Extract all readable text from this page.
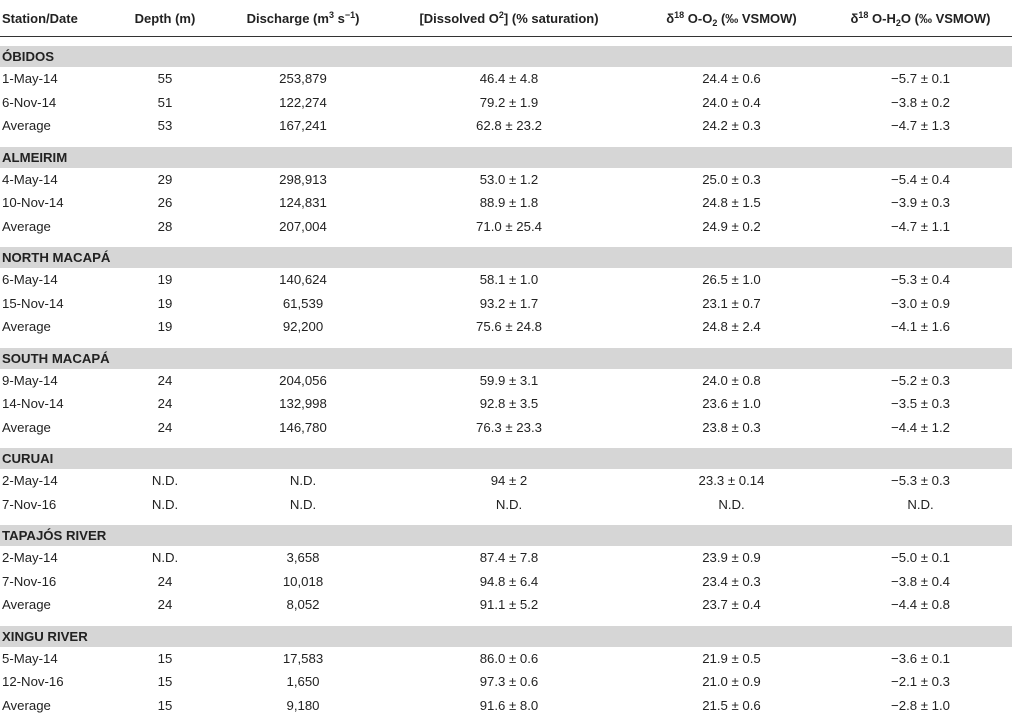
Station/Date	Depth (m)	Discharge ($m^3$ $s^{-1}$)	[Dissolved $O^2$] (% saturation)	$\delta^{18}$ $O-O_2$ (‰ VSMOW)	$\delta^{18}$ $O-H_2O$ (‰ VSMOW)

ÓBIDOS					
1-May-14	55	253,879	46.4 ± 4.8	24.4 ± 0.6	−5.7 ± 0.1
6-Nov-14	51	122,274	79.2 ± 1.9	24.0 ± 0.4	−3.8 ± 0.2
Average	53	167,241	62.8 ± 23.2	24.2 ± 0.3	−4.7 ± 1.3

ALMEIRIM					
4-May-14	29	298,913	53.0 ± 1.2	25.0 ± 0.3	−5.4 ± 0.4
10-Nov-14	26	124,831	88.9 ± 1.8	24.8 ± 1.5	−3.9 ± 0.3
Average	28	207,004	71.0 ± 25.4	24.9 ± 0.2	−4.7 ± 1.1

NORTH MACAPÁ					
6-May-14	19	140,624	58.1 ± 1.0	26.5 ± 1.0	−5.3 ± 0.4
15-Nov-14	19	61,539	93.2 ± 1.7	23.1 ± 0.7	−3.0 ± 0.9
Average	19	92,200	75.6 ± 24.8	24.8 ± 2.4	−4.1 ± 1.6

SOUTH MACAPÁ					
9-May-14	24	204,056	59.9 ± 3.1	24.0 ± 0.8	−5.2 ± 0.3
14-Nov-14	24	132,998	92.8 ± 3.5	23.6 ± 1.0	−3.5 ± 0.3
Average	24	146,780	76.3 ± 23.3	23.8 ± 0.3	−4.4 ± 1.2

CURUAI					
2-May-14	N.D.	N.D.	94 ± 2	23.3 ± 0.14	−5.3 ± 0.3
7-Nov-16	N.D.	N.D.	N.D.	N.D.	N.D.

TAPAJÓS RIVER					
2-May-14	N.D.	3,658	87.4 ± 7.8	23.9 ± 0.9	−5.0 ± 0.1
7-Nov-16	24	10,018	94.8 ± 6.4	23.4 ± 0.3	−3.8 ± 0.4
Average	24	8,052	91.1 ± 5.2	23.7 ± 0.4	−4.4 ± 0.8

XINGU RIVER					
5-May-14	15	17,583	86.0 ± 0.6	21.9 ± 0.5	−3.6 ± 0.1
12-Nov-16	15	1,650	97.3 ± 0.6	21.0 ± 0.9	−2.1 ± 0.3
Average	15	9,180	91.6 ± 8.0	21.5 ± 0.6	−2.8 ± 1.0
